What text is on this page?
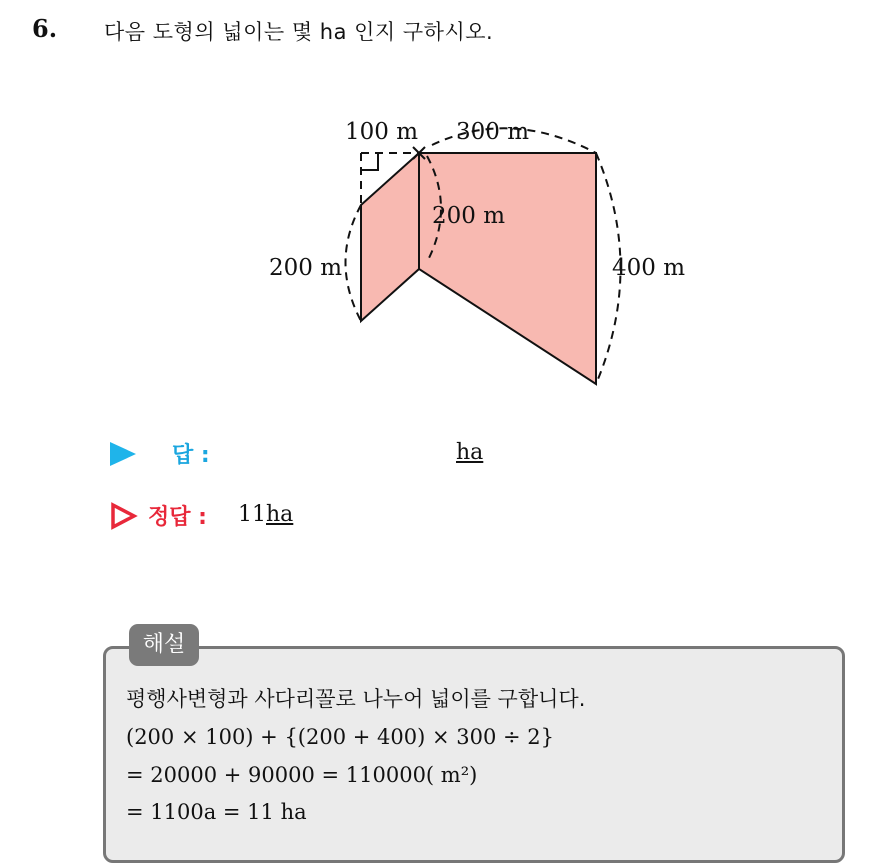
6. 다음 도형의 넓이는 몇 ha 인지 구하시오.
100 m 300 m
200 m
200 m	400 m
답 :	ha
정답 : 11ha
해설
평행사변형과 사다리꼴로 나누어 넓이를 구합니다.
(200 × 100) + {(200 + 400) × 300 ÷ 2}
= 20000 + 90000 = 110000( m²)
= 1100a = 11 ha
